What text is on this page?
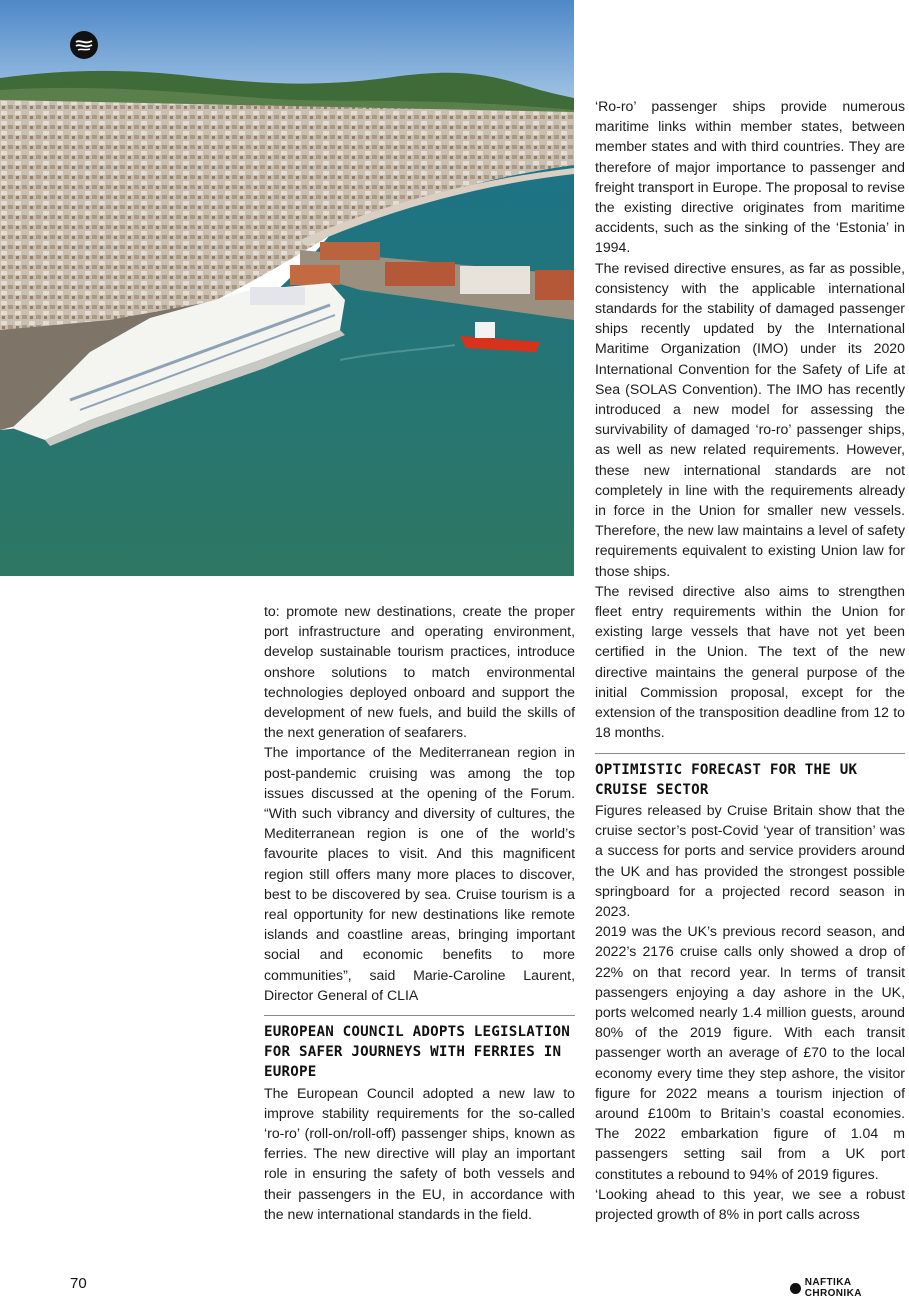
to: promote new destinations, create the proper port infrastructure and operating environment, develop sustainable tourism practices, introduce onshore solutions to match environmental technologies deployed onboard and support the development of new fuels, and build the skills of the next generation of seafarers.

The importance of the Mediterranean region in post-pandemic cruising was among the top issues discussed at the opening of the Forum. “With such vibrancy and diversity of cultures, the Mediterranean region is one of the world’s favourite places to visit. And this magnificent region still offers many more places to discover, best to be discovered by sea. Cruise tourism is a real opportunity for new destinations like remote islands and coastline areas, bringing important social and economic benefits to more communities”, said Marie-Caroline Laurent, Director General of CLIA

EUROPEAN COUNCIL ADOPTS LEGISLATION FOR SAFER JOURNEYS WITH FERRIES IN EUROPE

The European Council adopted a new law to improve stability requirements for the so-called ‘ro-ro’ (roll-on/roll-off) passenger ships, known as ferries. The new directive will play an important role in ensuring the safety of both vessels and their passengers in the EU, in accordance with the new international standards in the field.

‘Ro-ro’ passenger ships provide numerous maritime links within member states, between member states and with third countries. They are therefore of major importance to passenger and freight transport in Europe. The proposal to revise the existing directive originates from maritime accidents, such as the sinking of the ‘Estonia’ in 1994.

The revised directive ensures, as far as possible, consistency with the applicable international standards for the stability of damaged passenger ships recently updated by the International Maritime Organization (IMO) under its 2020 International Convention for the Safety of Life at Sea (SOLAS Convention). The IMO has recently introduced a new model for assessing the survivability of damaged ‘ro-ro’ passenger ships, as well as new related requirements. However, these new international standards are not completely in line with the requirements already in force in the Union for smaller new vessels. Therefore, the new law maintains a level of safety requirements equivalent to existing Union law for those ships.

The revised directive also aims to strengthen fleet entry requirements within the Union for existing large vessels that have not yet been certified in the Union. The text of the new directive maintains the general purpose of the initial Commission proposal, except for the extension of the transposition deadline from 12 to 18 months.

OPTIMISTIC FORECAST FOR THE UK CRUISE SECTOR

Figures released by Cruise Britain show that the cruise sector’s post-Covid ‘year of transition’ was a success for ports and service providers around the UK and has provided the strongest possible springboard for a projected record season in 2023.

2019 was the UK’s previous record season, and 2022’s 2176 cruise calls only showed a drop of 22% on that record year. In terms of transit passengers enjoying a day ashore in the UK, ports welcomed nearly 1.4 million guests, around 80% of the 2019 figure. With each transit passenger worth an average of £70 to the local economy every time they step ashore, the visitor figure for 2022 means a tourism injection of around £100m to Britain’s coastal economies. The 2022 embarkation figure of 1.04 m passengers setting sail from a UK port constitutes a rebound to 94% of 2019 figures.

‘Looking ahead to this year, we see a robust projected growth of 8% in port calls across

70	NAFTIKA CHRONIKA
